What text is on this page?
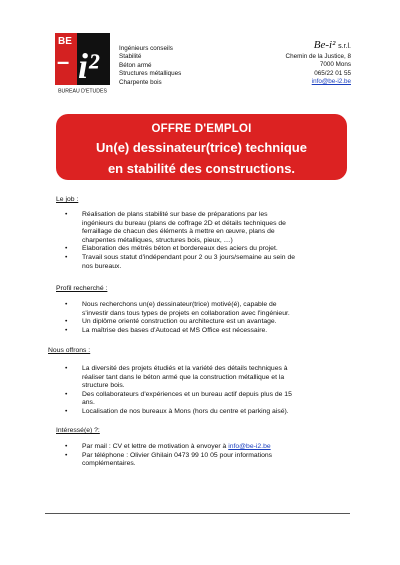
BE
– i²
BUREAU D'ETUDES
Ingénieurs conseils
Stabilité
Béton armé
Structures métalliques
Charpente bois
Be-i² s.r.l.
Chemin de la Justice, 8
7000 Mons
065/22 01 55
info@be-i2.be
OFFRE D'EMPLOI
Un(e) dessinateur(trice) technique
en stabilité des constructions.
Le job :
• Réalisation de plans stabilité sur base de préparations par les ingénieurs du bureau (plans de coffrage 2D et détails techniques de ferraillage de chacun des éléments à mettre en œuvre, plans de charpentes métalliques, structures bois, pieux, …)
• Elaboration des métrés béton et bordereaux des aciers du projet.
• Travail sous statut d'indépendant pour 2 ou 3 jours/semaine au sein de nos bureaux.
Profil recherché :
• Nous recherchons un(e) dessinateur(trice) motivé(é), capable de s'investir dans tous types de projets en collaboration avec l'ingénieur.
• Un diplôme orienté construction ou architecture est un avantage.
• La maîtrise des bases d'Autocad et MS Office est nécessaire.
Nous offrons :
• La diversité des projets étudiés et la variété des détails techniques à réaliser tant dans le béton armé que la construction métallique et la structure bois.
• Des collaborateurs d'expériences et un bureau actif depuis plus de 15 ans.
• Localisation de nos bureaux à Mons (hors du centre et parking aisé).
Intéressé(e) ?:
• Par mail : CV et lettre de motivation à envoyer à info@be-i2.be
• Par téléphone : Olivier Ghilain 0473 99 10 05 pour informations complémentaires.
